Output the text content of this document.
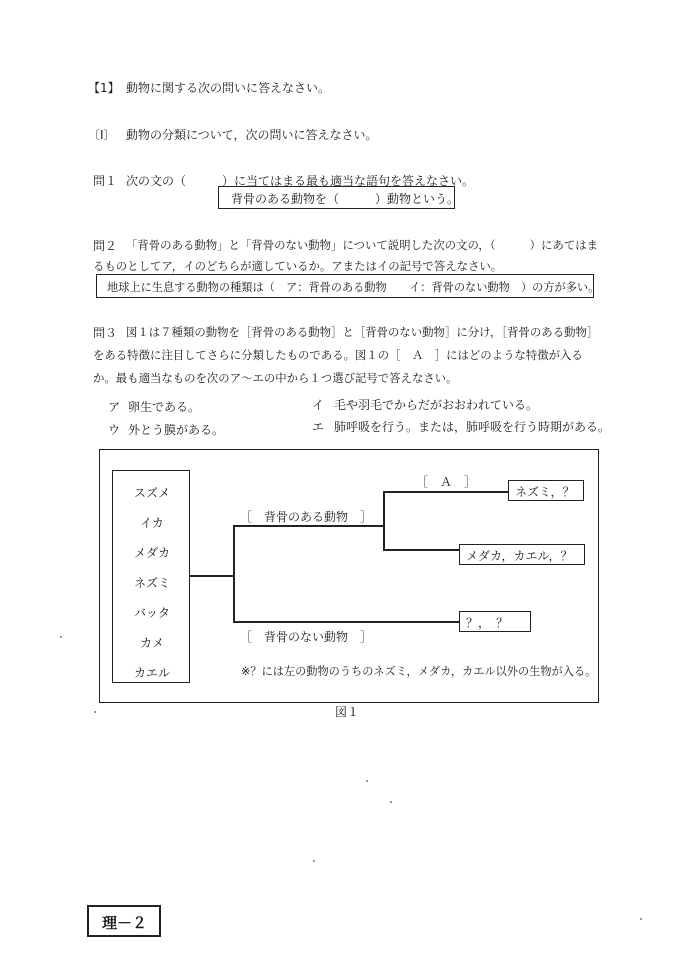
【1】 動物に関する次の問いに答えなさい。
〔Ⅰ〕 動物の分類について，次の問いに答えなさい。
問１ 次の文の（　　　）に当てはまる最も適当な語句を答えなさい。
背骨のある動物を（　　　）動物という。
問２ 「背骨のある動物」と「背骨のない動物」について説明した次の文の，（　　　）にあてはま
るものとしてア，イのどちらが適しているか。アまたはイの記号で答えなさい。
地球上に生息する動物の種類は（　ア：背骨のある動物　　イ：背骨のない動物　）の方が多い。
問３ 図１は７種類の動物を［背骨のある動物］と［背骨のない動物］に分け，［背骨のある動物］
をある特徴に注目してさらに分類したものである。図１の［　Ａ　］にはどのような特徴が入る
か。最も適当なものを次のア～エの中から１つ選び記号で答えなさい。
ア 卵生である。	イ 毛や羽毛でからだがおおわれている。
ウ 外とう膜がある。	エ 肺呼吸を行う。または，肺呼吸を行う時期がある。
スズメ
イカ
メダカ
ネズミ
バッタ
カメ
カエル
［　背骨のある動物　］
［　背骨のない動物　］
［　Ａ　］
ネズミ，？
メダカ，カエル，？
？，　？
※？には左の動物のうちのネズミ，メダカ，カエル以外の生物が入る。
図１
理－２
